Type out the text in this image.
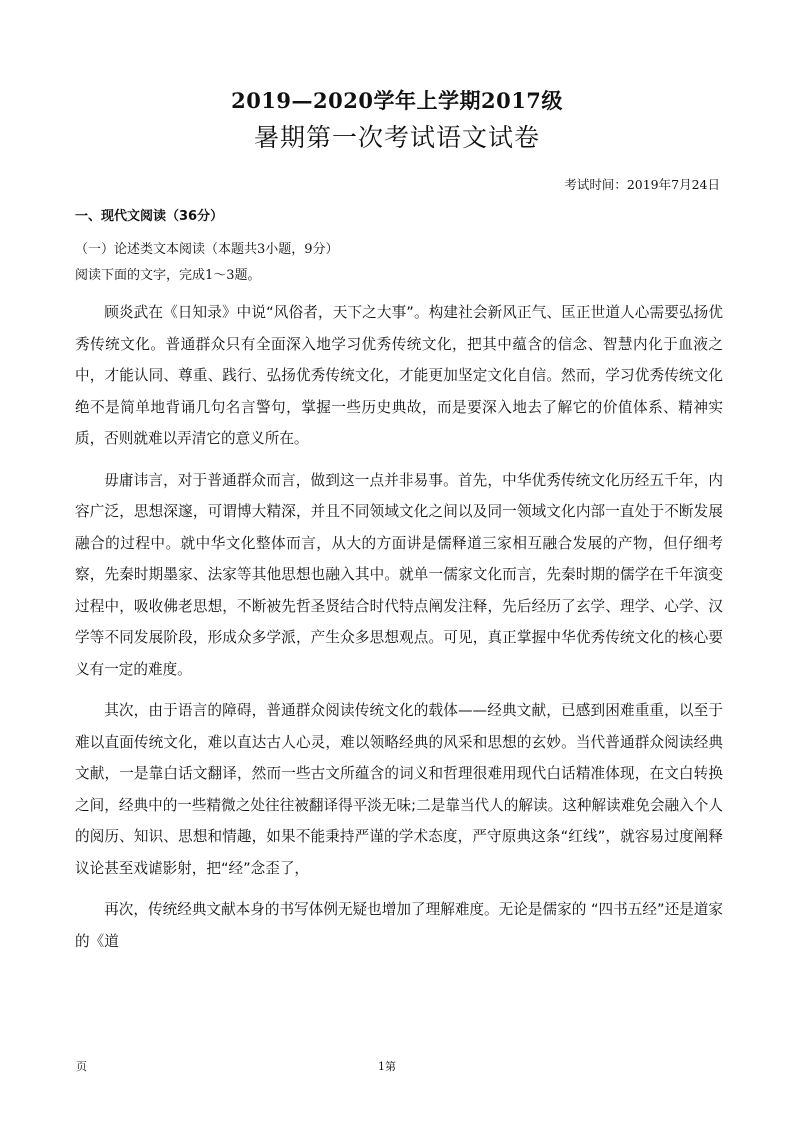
2019—2020学年上学期2017级
暑期第一次考试语文试卷
考试时间：2019年7月24日
一、现代文阅读（36分）
（一）论述类文本阅读（本题共3小题，9分）
阅读下面的文字，完成1～3题。

顾炎武在《日知录》中说“风俗者，天下之大事”。构建社会新风正气、匡正世道人心需要弘扬优秀传统文化。普通群众只有全面深入地学习优秀传统文化，把其中蕴含的信念、智慧内化于血液之中，才能认同、尊重、践行、弘扬优秀传统文化，才能更加坚定文化自信。然而，学习优秀传统文化绝不是简单地背诵几句名言警句，掌握一些历史典故，而是要深入地去了解它的价值体系、精神实质，否则就难以弄清它的意义所在。

毋庸讳言，对于普通群众而言，做到这一点并非易事。首先，中华优秀传统文化历经五千年，内容广泛，思想深邃，可谓博大精深，并且不同领域文化之间以及同一领域文化内部一直处于不断发展融合的过程中。就中华文化整体而言，从大的方面讲是儒释道三家相互融合发展的产物，但仔细考察，先秦时期墨家、法家等其他思想也融入其中。就单一儒家文化而言，先秦时期的儒学在千年演变过程中，吸收佛老思想，不断被先哲圣贤结合时代特点阐发注释，先后经历了玄学、理学、心学、汉学等不同发展阶段，形成众多学派，产生众多思想观点。可见，真正掌握中华优秀传统文化的核心要义有一定的难度。

其次，由于语言的障碍，普通群众阅读传统文化的载体——经典文献，已感到困难重重，以至于难以直面传统文化，难以直达古人心灵，难以领略经典的风采和思想的玄妙。当代普通群众阅读经典文献，一是靠白话文翻译，然而一些古文所蕴含的词义和哲理很难用现代白话精准体现，在文白转换之间，经典中的一些精微之处往往被翻译得平淡无味;二是靠当代人的解读。这种解读难免会融入个人的阅历、知识、思想和情趣，如果不能秉持严谨的学术态度，严守原典这条“红线”，就容易过度阐释议论甚至戏谑影射，把“经”念歪了，

再次，传统经典文献本身的书写体例无疑也增加了理解难度。无论是儒家的 “四书五经”还是道家的《道

页	1第
